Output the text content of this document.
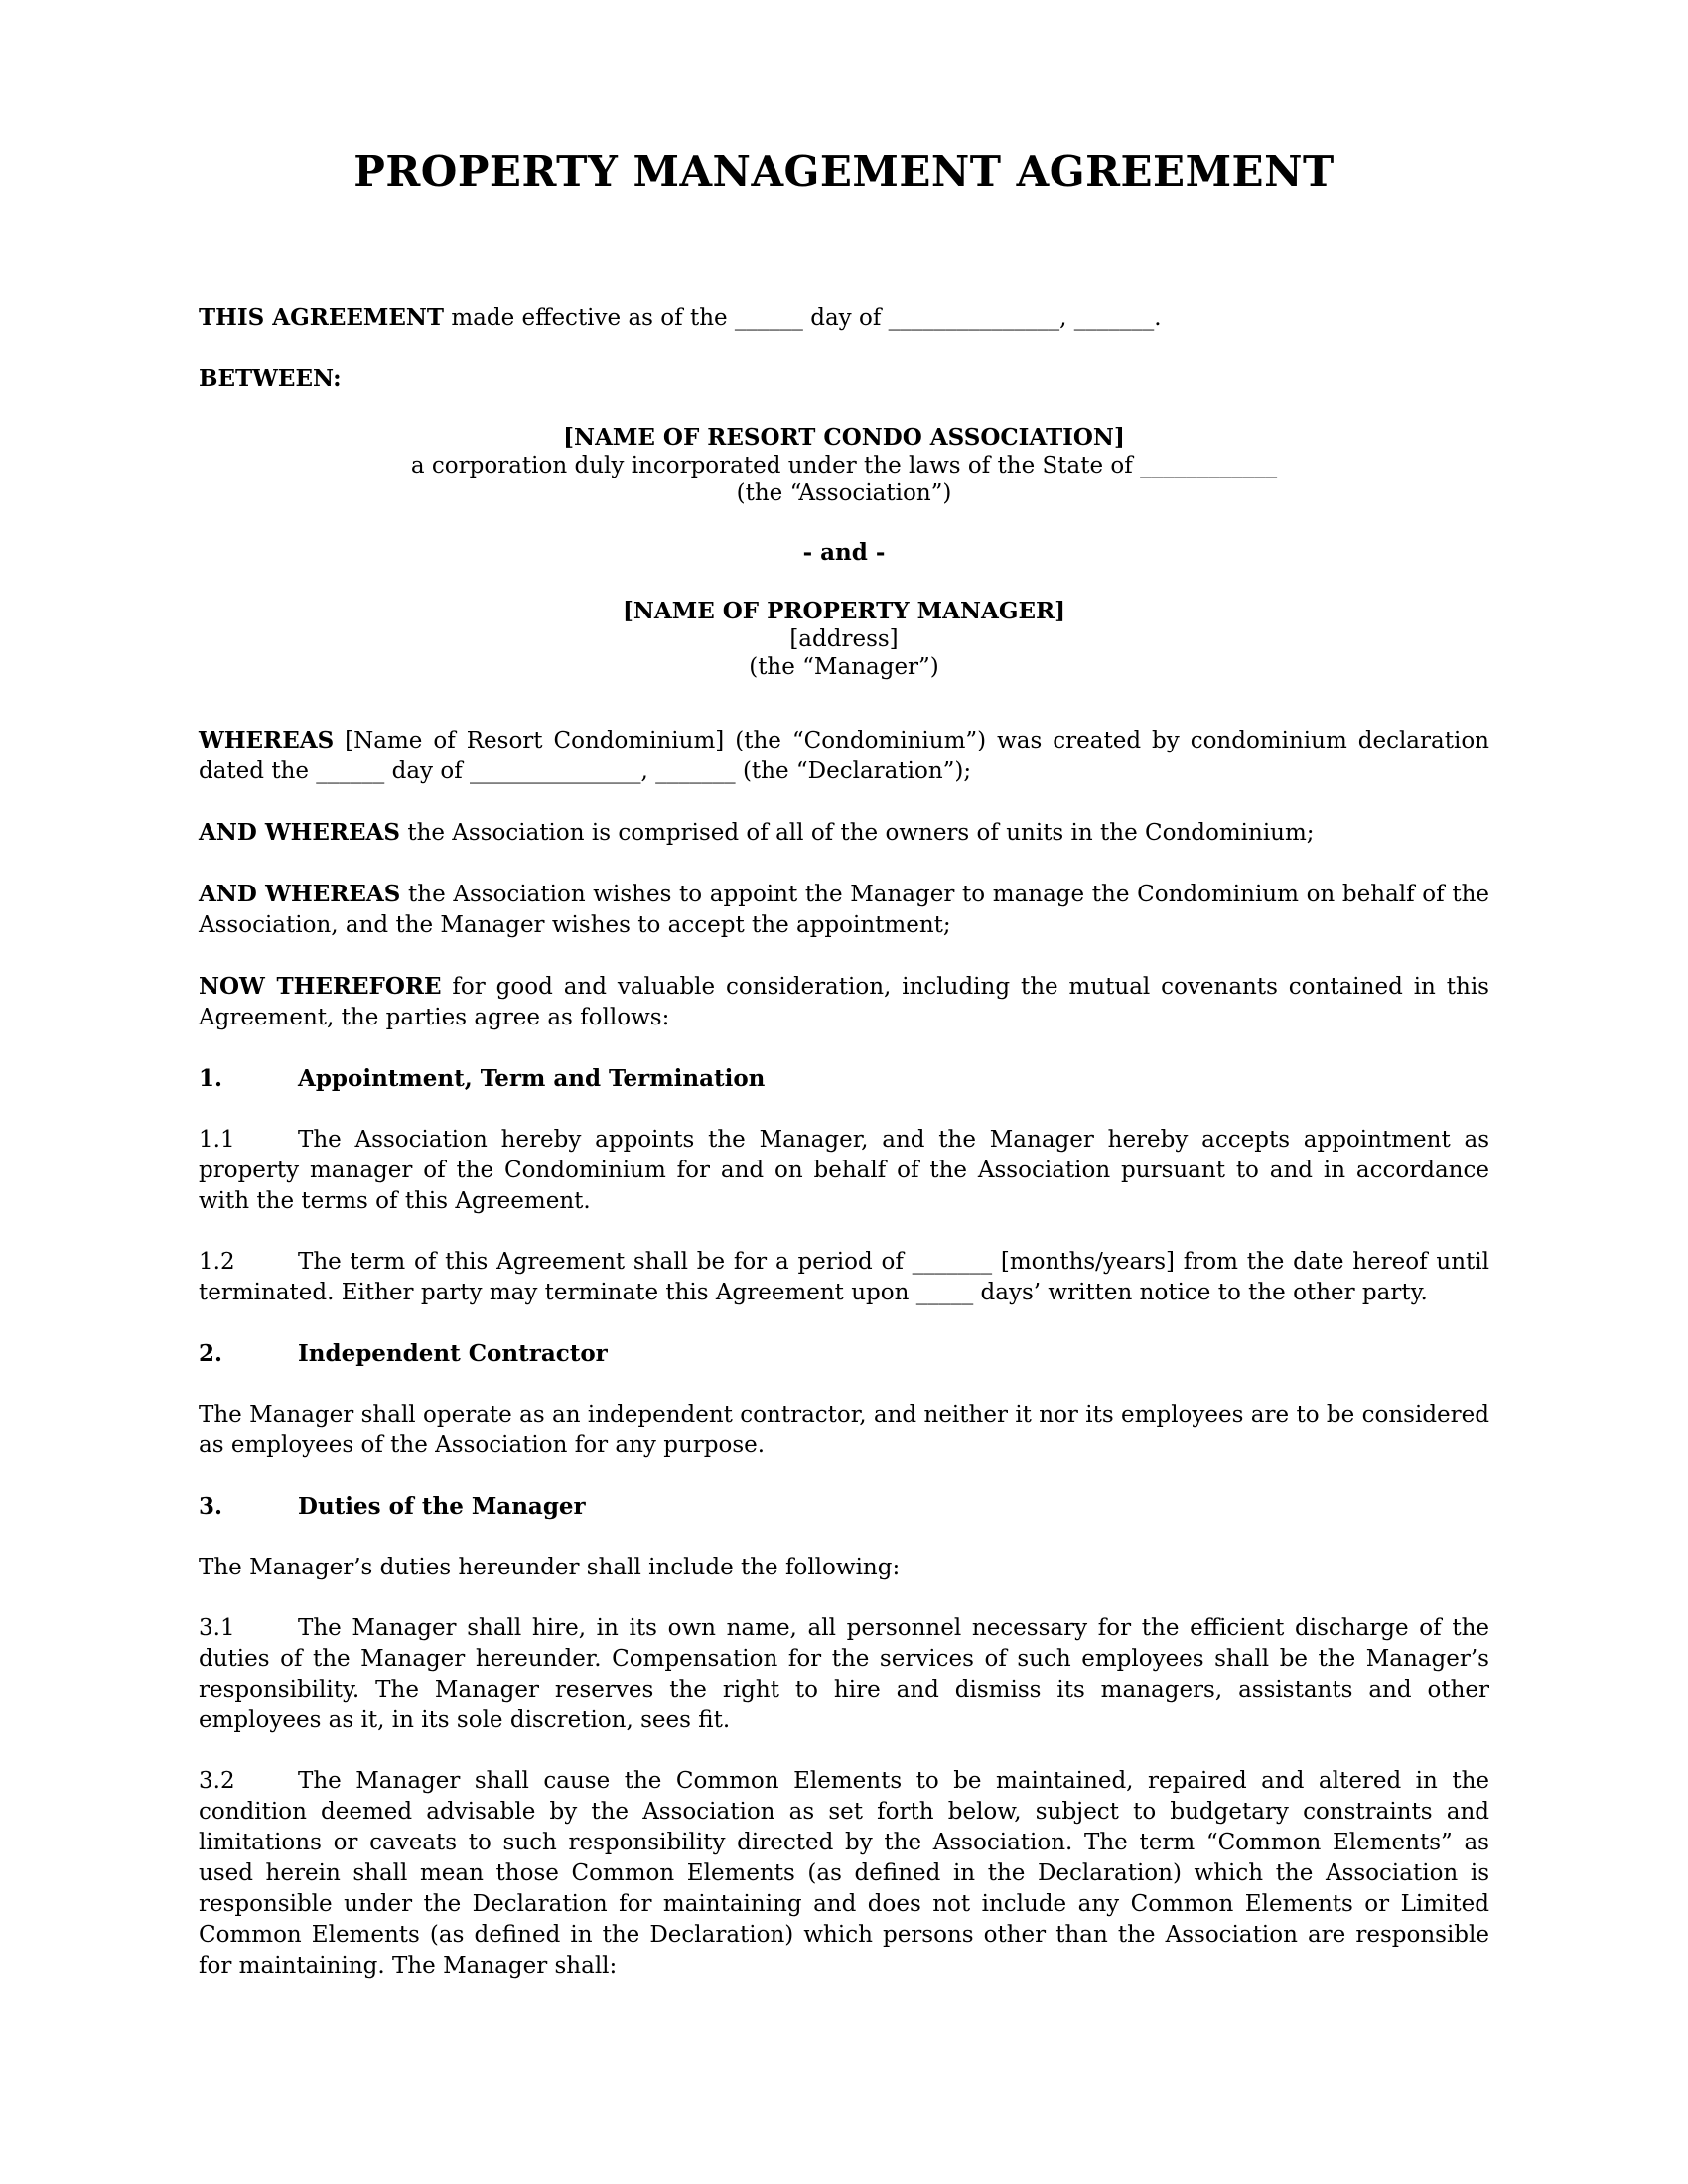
PROPERTY MANAGEMENT AGREEMENT

THIS AGREEMENT made effective as of the ______ day of _______________, _______.

BETWEEN:

[NAME OF RESORT CONDO ASSOCIATION]
a corporation duly incorporated under the laws of the State of ____________
(the “Association”)

- and -

[NAME OF PROPERTY MANAGER]
[address]
(the “Manager”)

WHEREAS [Name of Resort Condominium] (the “Condominium”) was created by condominium declaration dated the ______ day of _______________, _______ (the “Declaration”);

AND WHEREAS the Association is comprised of all of the owners of units in the Condominium;

AND WHEREAS the Association wishes to appoint the Manager to manage the Condominium on behalf of the Association, and the Manager wishes to accept the appointment;

NOW THEREFORE for good and valuable consideration, including the mutual covenants contained in this Agreement, the parties agree as follows:

1.	Appointment, Term and Termination

1.1	The Association hereby appoints the Manager, and the Manager hereby accepts appointment as property manager of the Condominium for and on behalf of the Association pursuant to and in accordance with the terms of this Agreement.

1.2	The term of this Agreement shall be for a period of _______ [months/years] from the date hereof until terminated. Either party may terminate this Agreement upon _____ days’ written notice to the other party.

2.	Independent Contractor

The Manager shall operate as an independent contractor, and neither it nor its employees are to be considered as employees of the Association for any purpose.

3.	Duties of the Manager

The Manager’s duties hereunder shall include the following:

3.1	The Manager shall hire, in its own name, all personnel necessary for the efficient discharge of the duties of the Manager hereunder. Compensation for the services of such employees shall be the Manager’s responsibility. The Manager reserves the right to hire and dismiss its managers, assistants and other employees as it, in its sole discretion, sees fit.

3.2	The Manager shall cause the Common Elements to be maintained, repaired and altered in the condition deemed advisable by the Association as set forth below, subject to budgetary constraints and limitations or caveats to such responsibility directed by the Association. The term “Common Elements” as used herein shall mean those Common Elements (as defined in the Declaration) which the Association is responsible under the Declaration for maintaining and does not include any Common Elements or Limited Common Elements (as defined in the Declaration) which persons other than the Association are responsible for maintaining. The Manager shall:
